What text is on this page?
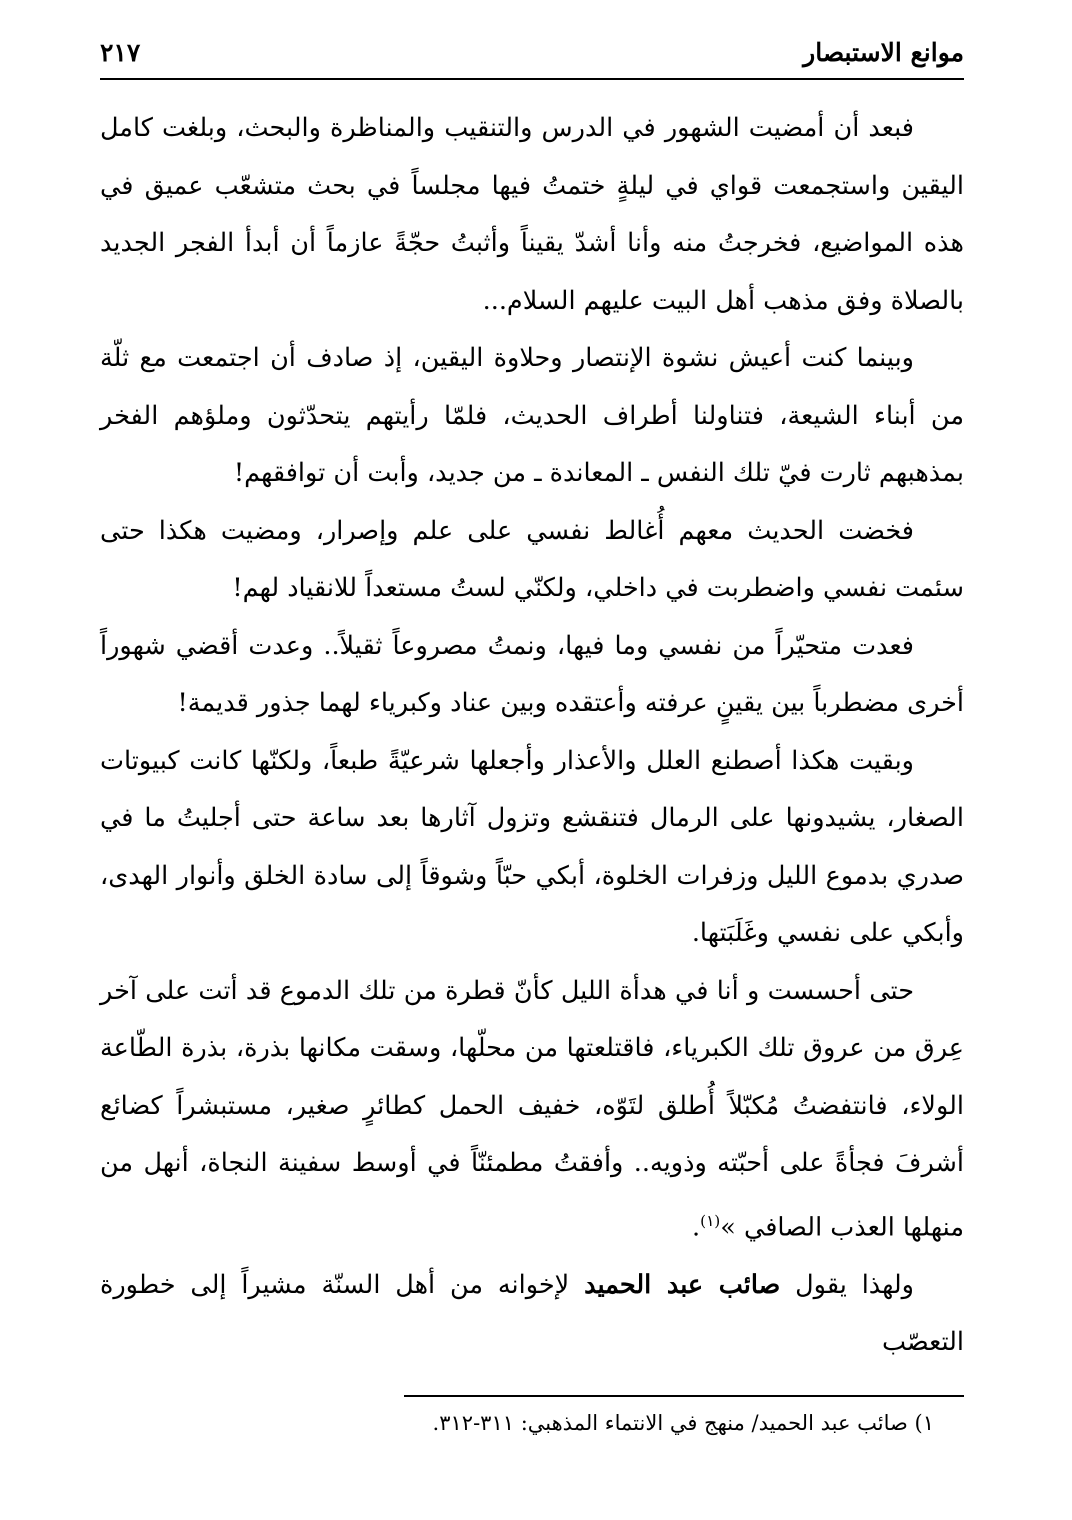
موانع الاستبصار
٢١٧

فبعد أن أمضيت الشهور في الدرس والتنقيب والمناظرة والبحث، وبلغت كامل اليقين واستجمعت قواي في ليلةٍ ختمتُ فيها مجلساً في بحث متشعّب عميق في هذه المواضيع، فخرجتُ منه وأنا أشدّ يقيناً وأثبتُ حجّةً عازماً أن أبدأ الفجر الجديد بالصلاة وفق مذهب أهل البيت عليهم السلام...

وبينما كنت أعيش نشوة الإنتصار وحلاوة اليقين، إذ صادف أن اجتمعت مع ثلّة من أبناء الشيعة، فتناولنا أطراف الحديث، فلمّا رأيتهم يتحدّثون وملؤهم الفخر بمذهبهم ثارت فيّ تلك النفس ـ المعاندة ـ من جديد، وأبت أن توافقهم!

فخضت الحديث معهم أُغالط نفسي على علم وإصرار، ومضيت هكذا حتى سئمت نفسي واضطربت في داخلي، ولكنّي لستُ مستعداً للانقياد لهم!

فعدت متحيّراً من نفسي وما فيها، ونمتُ مصروعاً ثقيلاً.. وعدت أقضي شهوراً أخرى مضطرباً بين يقينٍ عرفته وأعتقده وبين عناد وكبرياء لهما جذور قديمة!

وبقيت هكذا أصطنع العلل والأعذار وأجعلها شرعيّةً طبعاً، ولكنّها كانت كبيوتات الصغار، يشيدونها على الرمال فتنقشع وتزول آثارها بعد ساعة حتى أجليتُ ما في صدري بدموع الليل وزفرات الخلوة، أبكي حبّاً وشوقاً إلى سادة الخلق وأنوار الهدى، وأبكي على نفسي وغَلَبَتها.

حتى أحسست و أنا في هدأة الليل كأنّ قطرة من تلك الدموع قد أتت على آخر عِرق من عروق تلك الكبرياء، فاقتلعتها من محلّها، وسقت مكانها بذرة، بذرة الطّاعة الولاء، فانتفضتُ مُكبّلاً أُطلق لتَوّه، خفيف الحمل كطائرٍ صغير، مستبشراً كضائع أشرفَ فجأةً على أحبّته وذويه.. وأفقتُ مطمئنّاً في أوسط سفينة النجاة، أنهل من منهلها العذب الصافي »$^{(١)}$.

ولهذا يقول صائب عبد الحميد لإخوانه من أهل السنّة مشيراً إلى خطورة التعصّب

١) صائب عبد الحميد/ منهج في الانتماء المذهبي: ٣١١-٣١٢.
